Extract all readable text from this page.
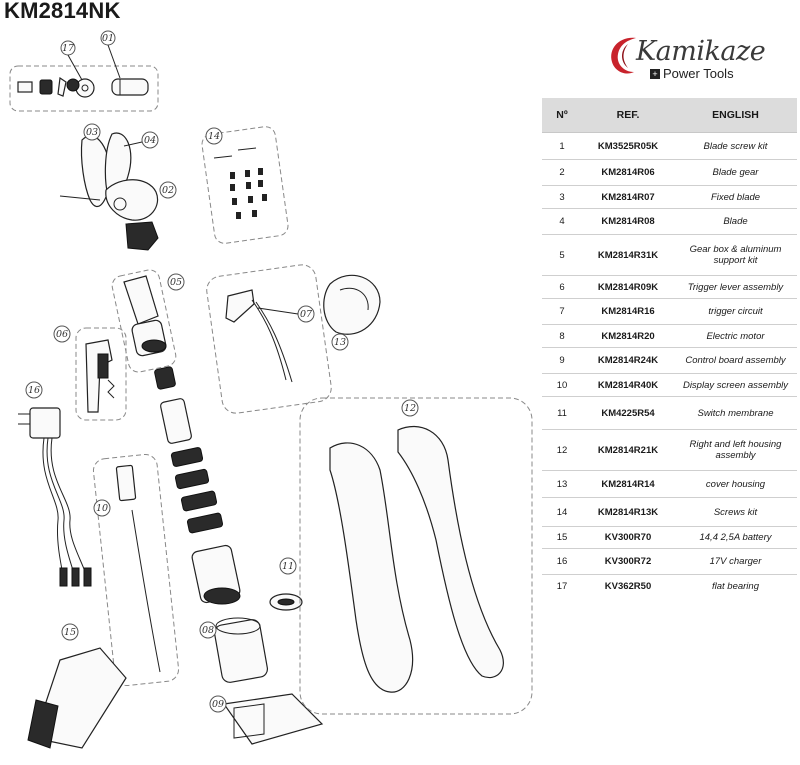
KM2814NK
Kamikaze
+ Power Tools
Nº	REF.	ENGLISH
1	KM3525R05K	Blade screw kit
2	KM2814R06	Blade gear
3	KM2814R07	Fixed blade
4	KM2814R08	Blade
5	KM2814R31K	Gear box & aluminum support kit
6	KM2814R09K	Trigger lever assembly
7	KM2814R16	trigger circuit
8	KM2814R20	Electric motor
9	KM2814R24K	Control board assembly
10	KM2814R40K	Display screen assembly
11	KM4225R54	Switch membrane
12	KM2814R21K	Right and left housing assembly
13	KM2814R14	cover housing
14	KM2814R13K	Screws kit
15	KV300R70	14,4 2,5A battery
16	KV300R72	17V charger
17	KV362R50	flat bearing
01
17
03
04
02
14
05
06
07
13
16
12
10
11
08
15
09
